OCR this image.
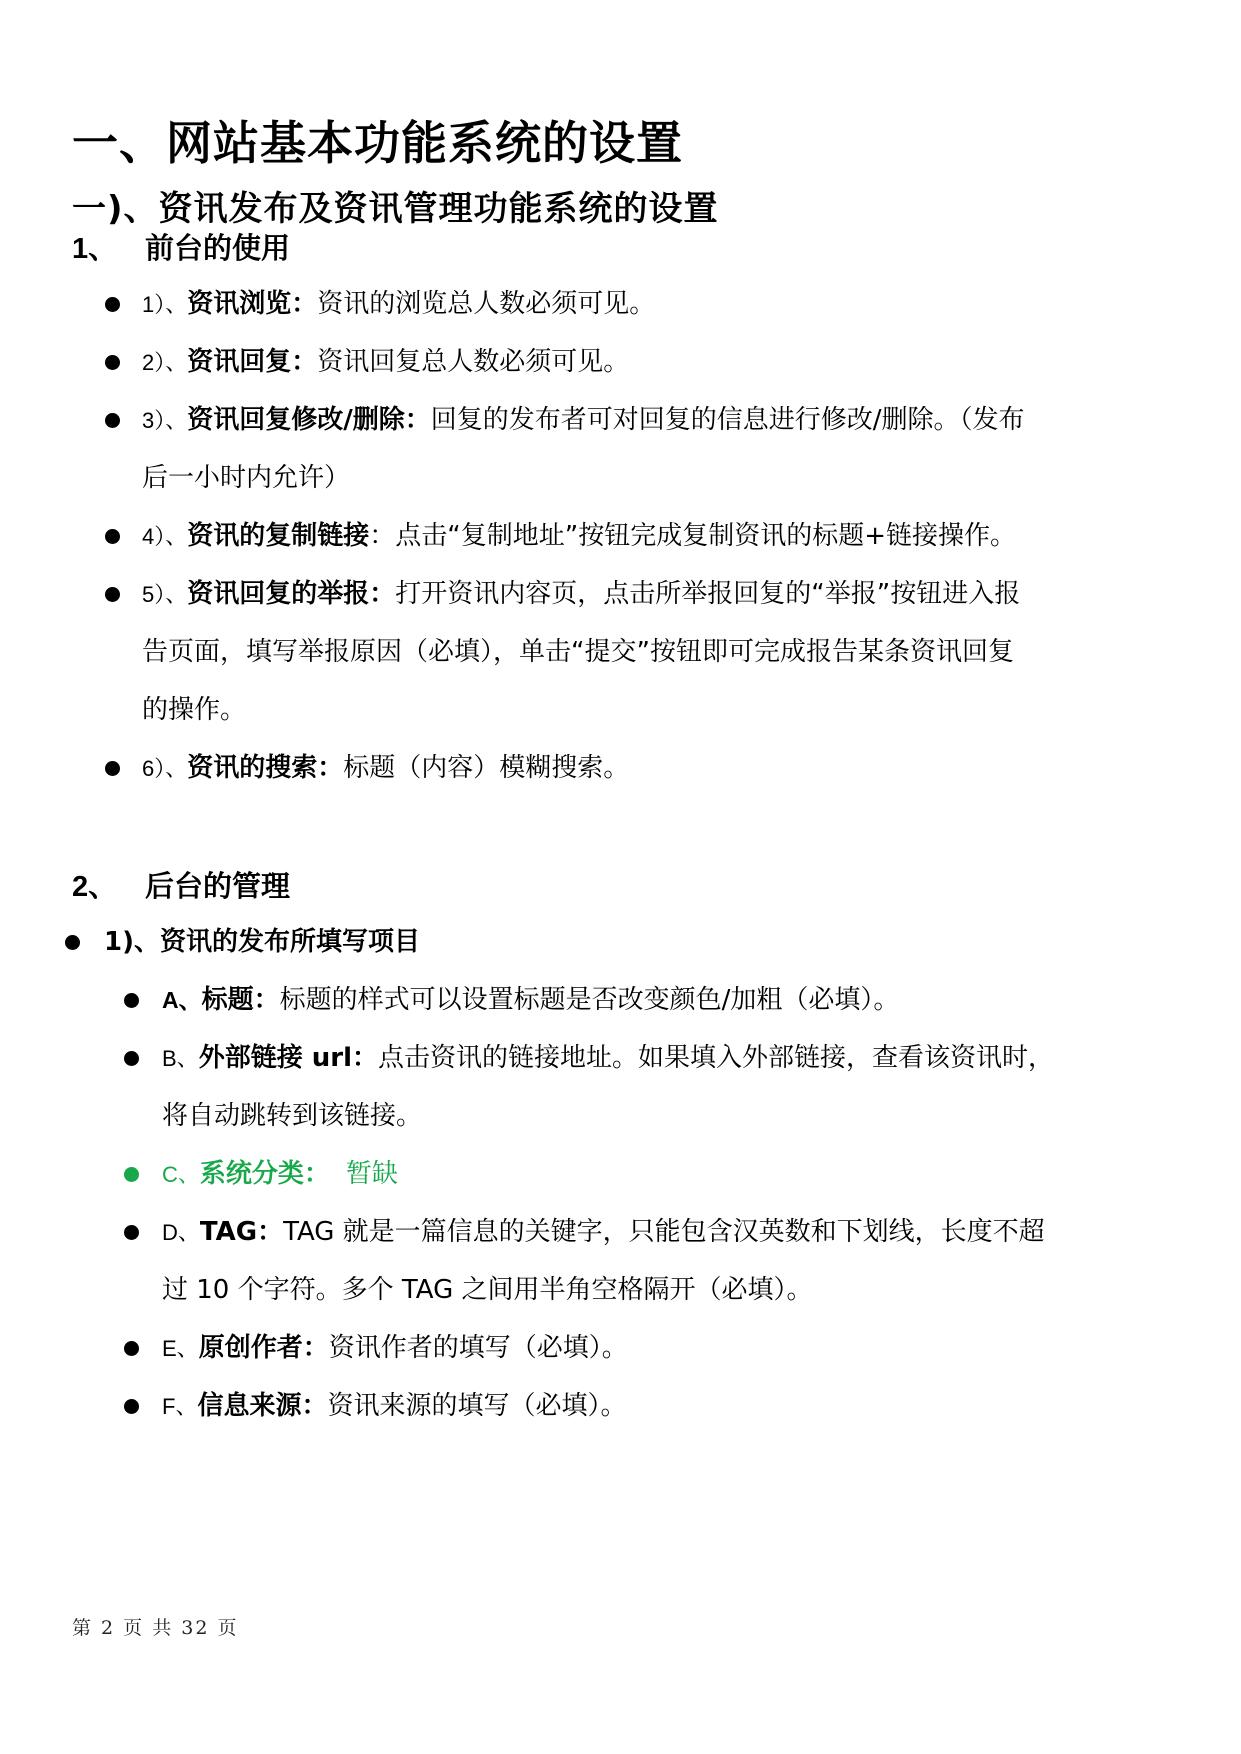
一、网站基本功能系统的设置
一)、资讯发布及资讯管理功能系统的设置
1、 前台的使用
1）、资讯浏览：资讯的浏览总人数必须可见。
2）、资讯回复：资讯回复总人数必须可见。
3）、资讯回复修改/删除：回复的发布者可对回复的信息进行修改/删除。（发布
后一小时内允许）
4）、资讯的复制链接：点击“复制地址”按钮完成复制资讯的标题+链接操作。
5）、资讯回复的举报：打开资讯内容页，点击所举报回复的“举报”按钮进入报
告页面，填写举报原因（必填），单击“提交”按钮即可完成报告某条资讯回复
的操作。
6）、资讯的搜索：标题（内容）模糊搜索。
2、 后台的管理
1)、资讯的发布所填写项目
A、标题：标题的样式可以设置标题是否改变颜色/加粗（必填）。
B、外部链接 url：点击资讯的链接地址。如果填入外部链接，查看该资讯时，
将自动跳转到该链接。
C、系统分类： 暂缺
D、TAG：TAG 就是一篇信息的关键字，只能包含汉英数和下划线，长度不超
过 10 个字符。多个 TAG 之间用半角空格隔开（必填）。
E、原创作者：资讯作者的填写（必填）。
F、信息来源：资讯来源的填写（必填）。
第 2 页 共 32 页
